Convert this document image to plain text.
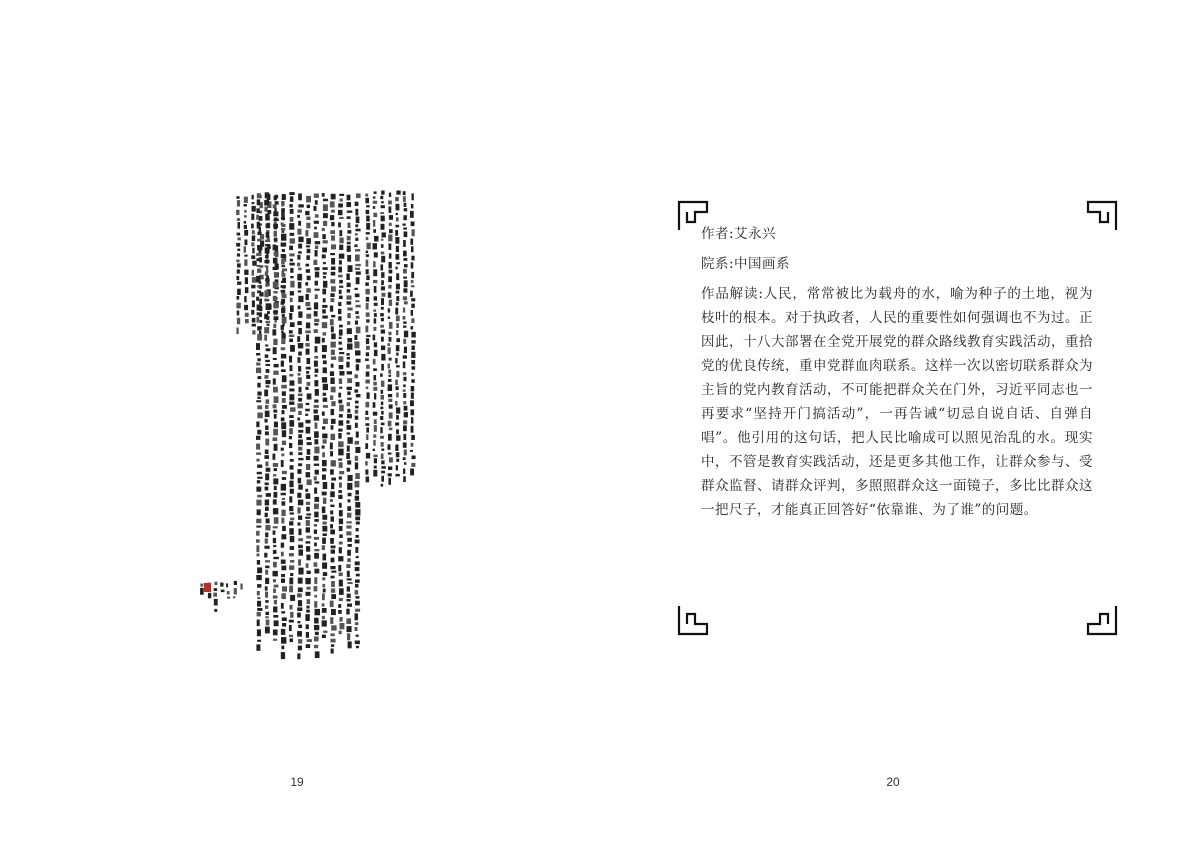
19

作者:艾永兴

院系:中国画系

作品解读:人民，常常被比为载舟的水，喻为种子的土地，视为枝叶的根本。对于执政者，人民的重要性如何强调也不为过。正因此，十八大部署在全党开展党的群众路线教育实践活动，重拾党的优良传统，重申党群血肉联系。这样一次以密切联系群众为主旨的党内教育活动，不可能把群众关在门外，习近平同志也一再要求“坚持开门搞活动”，一再告诫“切忌自说自话、自弹自唱”。他引用的这句话，把人民比喻成可以照见治乱的水。现实中，不管是教育实践活动，还是更多其他工作，让群众参与、受群众监督、请群众评判，多照照群众这一面镜子，多比比群众这一把尺子，才能真正回答好“依靠谁、为了谁”的问题。

20
